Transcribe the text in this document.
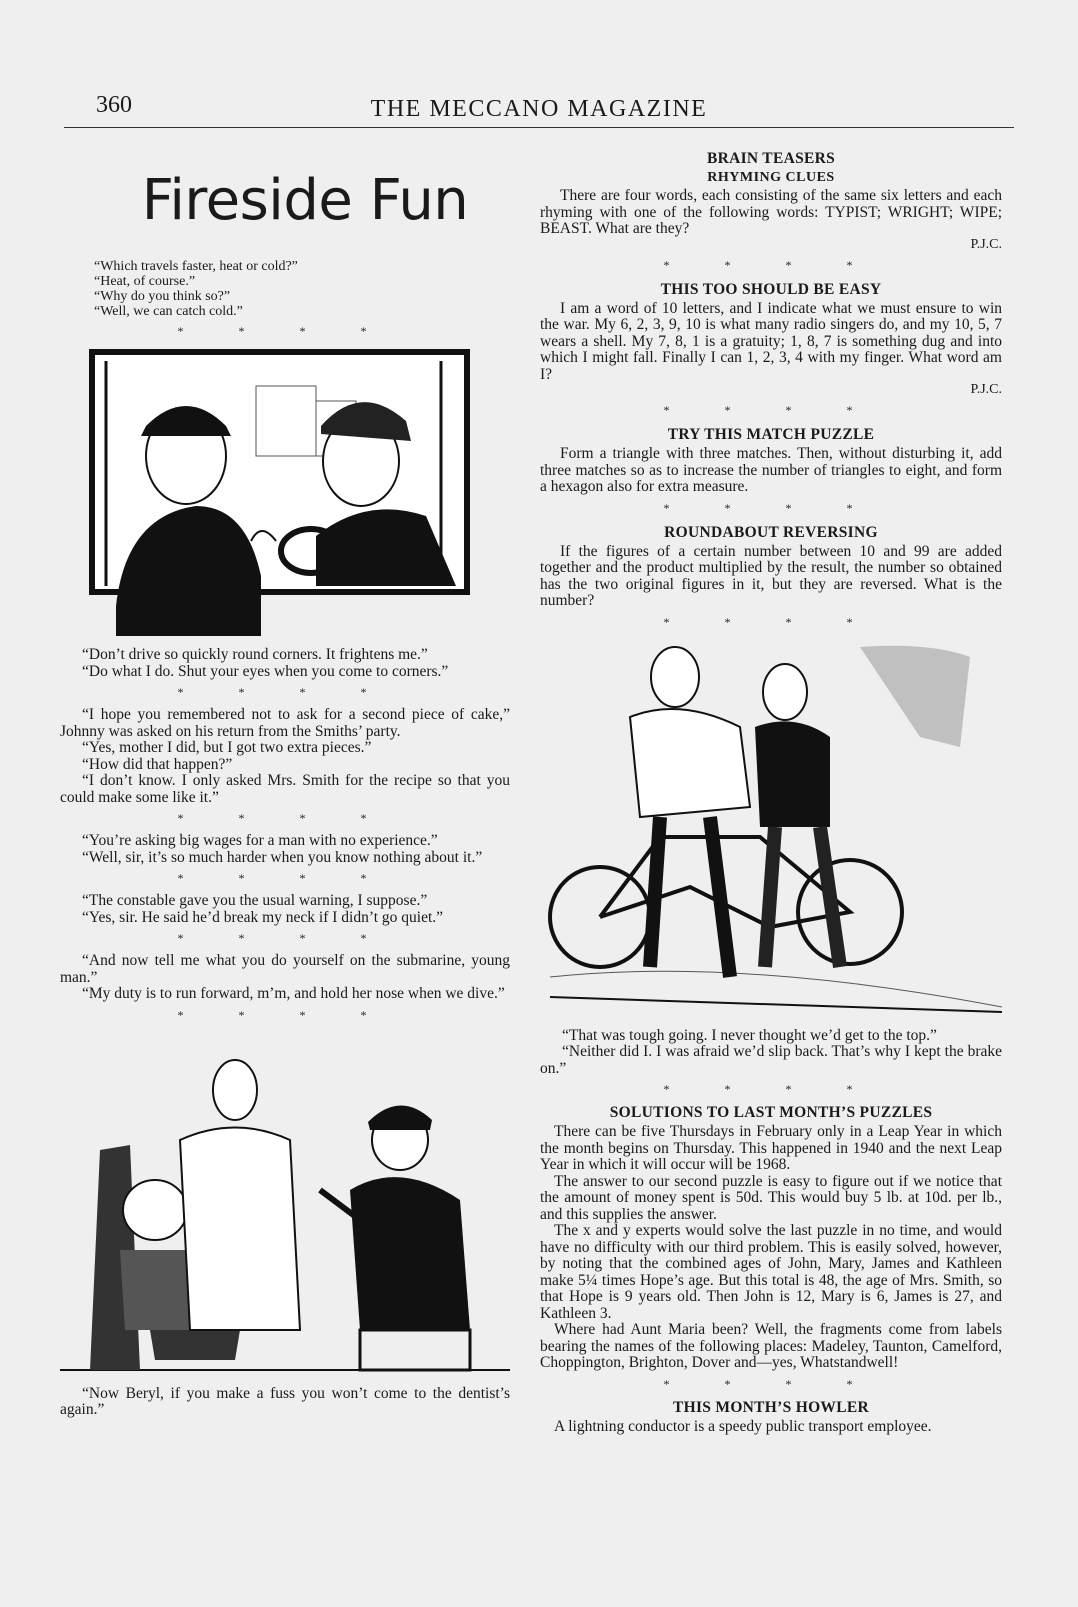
360	THE MECCANO MAGAZINE
Fireside Fun

“Which travels faster, heat or cold?”

“Heat, of course.”

“Why do you think so?”

“Well, we can catch cold.”

* * * *

“Don’t drive so quickly round corners. It frightens me.”

“Do what I do. Shut your eyes when you come to corners.”

* * * *

“I hope you remembered not to ask for a second piece of cake,” Johnny was asked on his return from the Smiths’ party.

“Yes, mother I did, but I got two extra pieces.”

“How did that happen?”

“I don’t know. I only asked Mrs. Smith for the recipe so that you could make some like it.”

* * * *

“You’re asking big wages for a man with no experience.”

“Well, sir, it’s so much harder when you know nothing about it.”

* * * *

“The constable gave you the usual warning, I suppose.”

“Yes, sir. He said he’d break my neck if I didn’t go quiet.”

* * * *

“And now tell me what you do yourself on the submarine, young man.”

“My duty is to run forward, m’m, and hold her nose when we dive.”

* * * *

“Now Beryl, if you make a fuss you won’t come to the dentist’s again.”

BRAIN TEASERS
RHYMING CLUES

There are four words, each consisting of the same six letters and each rhyming with one of the following words: TYPIST; WRIGHT; WIPE; BEAST. What are they?

P.J.C.
* * * *
THIS TOO SHOULD BE EASY

I am a word of 10 letters, and I indicate what we must ensure to win the war. My 6, 2, 3, 9, 10 is what many radio singers do, and my 10, 5, 7 wears a shell. My 7, 8, 1 is a gratuity; 1, 8, 7 is something dug and into which I might fall. Finally I can 1, 2, 3, 4 with my finger. What word am I?

P.J.C.
* * * *
TRY THIS MATCH PUZZLE

Form a triangle with three matches. Then, without disturbing it, add three matches so as to increase the number of triangles to eight, and form a hexagon also for extra measure.

* * * *
ROUNDABOUT REVERSING

If the figures of a certain number between 10 and 99 are added together and the product multiplied by the result, the number so obtained has the two original figures in it, but they are reversed. What is the number?

* * * *

“That was tough going. I never thought we’d get to the top.”

“Neither did I. I was afraid we’d slip back. That’s why I kept the brake on.”

* * * *
SOLUTIONS TO LAST MONTH’S PUZZLES

There can be five Thursdays in February only in a Leap Year in which the month begins on Thursday. This happened in 1940 and the next Leap Year in which it will occur will be 1968.

The answer to our second puzzle is easy to figure out if we notice that the amount of money spent is 50d. This would buy 5 lb. at 10d. per lb., and this supplies the answer.

The x and y experts would solve the last puzzle in no time, and would have no difficulty with our third problem. This is easily solved, however, by noting that the combined ages of John, Mary, James and Kathleen make 5¼ times Hope’s age. But this total is 48, the age of Mrs. Smith, so that Hope is 9 years old. Then John is 12, Mary is 6, James is 27, and Kathleen 3.

Where had Aunt Maria been? Well, the fragments come from labels bearing the names of the following places: Madeley, Taunton, Camelford, Choppington, Brighton, Dover and—yes, Whatstandwell!

* * * *
THIS MONTH’S HOWLER

A lightning conductor is a speedy public transport employee.
